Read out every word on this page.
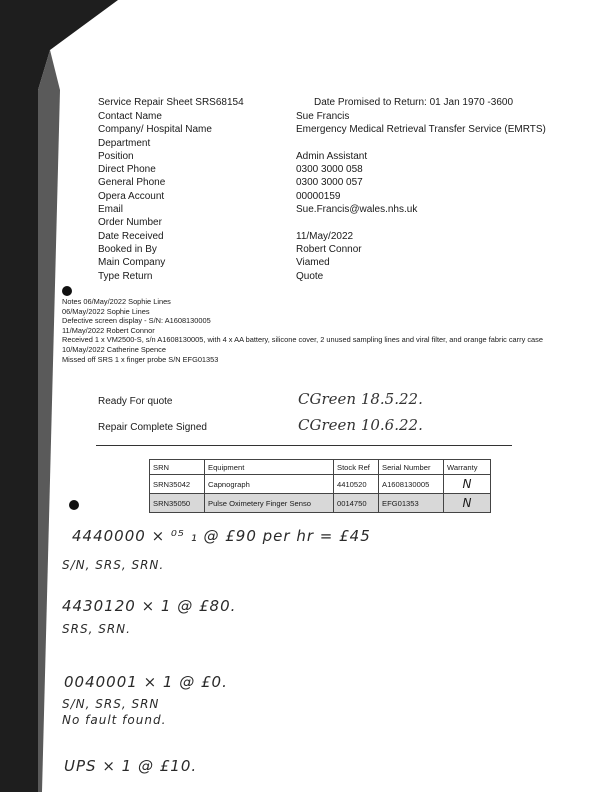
Service Repair Sheet SRS68154	Date Promised to Return: 01 Jan 1970 -3600
Contact Name	Sue Francis
Company/ Hospital Name	Emergency Medical Retrieval Transfer Service (EMRTS)
Department
Position	Admin Assistant
Direct Phone	0300 3000 058
General Phone	0300 3000 057
Opera Account	00000159
Email	Sue.Francis@wales.nhs.uk
Order Number
Date Received	11/May/2022
Booked in By	Robert Connor
Main Company	Viamed
Type Return	Quote
Notes 06/May/2022 Sophie Lines
06/May/2022 Sophie Lines
Defective screen display - S/N: A1608130005
11/May/2022 Robert Connor
Received 1 x VM2500-S, s/n A1608130005, with 4 x AA battery, silicone cover, 2 unused sampling lines and viral filter, and orange fabric carry case
10/May/2022 Catherine Spence
Missed off SRS 1 x finger probe S/N EFG01353
Ready For quote	CGreen 18.5.22.
Repair Complete Signed	CGreen 10.6.22.
SRN	Equipment	Stock Ref	Serial Number	Warranty
SRN35042	Capnograph	4410520	A1608130005	N
SRN35050	Pulse Oximetery Finger Senso	0014750	EFG01353	N
4440000 × ⁰⁵ ₁ @ £90 per hr = £45
S/N, SRS, SRN.
4430120 × 1 @ £80.
SRS, SRN.
0040001 × 1 @ £0.
S/N, SRS, SRN
No fault found.
UPS × 1 @ £10.
